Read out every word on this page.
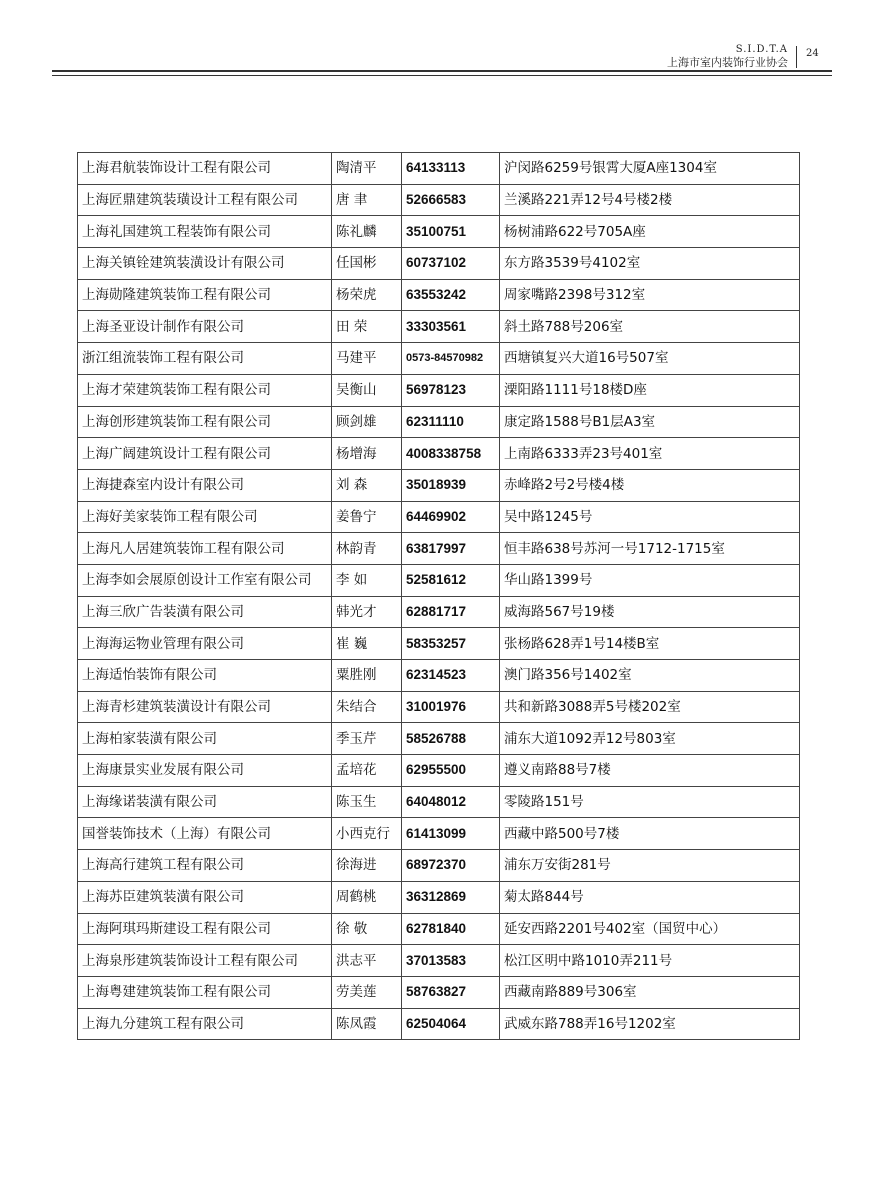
S.I.D.T.A
上海市室内装饰行业协会
24
上海君航装饰设计工程有限公司	陶清平	64133113	沪闵路6259号银霄大厦A座1304室
上海匠鼎建筑装璜设计工程有限公司	唐 聿	52666583	兰溪路221弄12号4号楼2楼
上海礼国建筑工程装饰有限公司	陈礼麟	35100751	杨树浦路622号705A座
上海关镇铨建筑装潢设计有限公司	任国彬	60737102	东方路3539号4102室
上海勋隆建筑装饰工程有限公司	杨荣虎	63553242	周家嘴路2398号312室
上海圣亚设计制作有限公司	田 荣	33303561	斜土路788号206室
浙江组流装饰工程有限公司	马建平	0573-84570982	西塘镇复兴大道16号507室
上海才荣建筑装饰工程有限公司	吴衡山	56978123	溧阳路1111号18楼D座
上海创形建筑装饰工程有限公司	顾剑雄	62311110	康定路1588号B1层A3室
上海广阔建筑设计工程有限公司	杨增海	4008338758	上南路6333弄23号401室
上海捷森室内设计有限公司	刘 森	35018939	赤峰路2号2号楼4楼
上海好美家装饰工程有限公司	姜鲁宁	64469902	吴中路1245号
上海凡人居建筑装饰工程有限公司	林韵青	63817997	恒丰路638号苏河一号1712-1715室
上海李如会展原创设计工作室有限公司	李 如	52581612	华山路1399号
上海三欣广告装潢有限公司	韩光才	62881717	威海路567号19楼
上海海运物业管理有限公司	崔 巍	58353257	张杨路628弄1号14楼B室
上海适怡装饰有限公司	粟胜刚	62314523	澳门路356号1402室
上海青杉建筑装潢设计有限公司	朱结合	31001976	共和新路3088弄5号楼202室
上海柏家装潢有限公司	季玉芹	58526788	浦东大道1092弄12号803室
上海康景实业发展有限公司	孟培花	62955500	遵义南路88号7楼
上海缘诺装潢有限公司	陈玉生	64048012	零陵路151号
国誉装饰技术（上海）有限公司	小西克行	61413099	西藏中路500号7楼
上海高行建筑工程有限公司	徐海进	68972370	浦东万安街281号
上海苏臣建筑装潢有限公司	周鹤桃	36312869	菊太路844号
上海阿琪玛斯建设工程有限公司	徐 敬	62781840	延安西路2201号402室（国贸中心）
上海泉彤建筑装饰设计工程有限公司	洪志平	37013583	松江区明中路1010弄211号
上海粤建建筑装饰工程有限公司	劳美莲	58763827	西藏南路889号306室
上海九分建筑工程有限公司	陈凤霞	62504064	武威东路788弄16号1202室
